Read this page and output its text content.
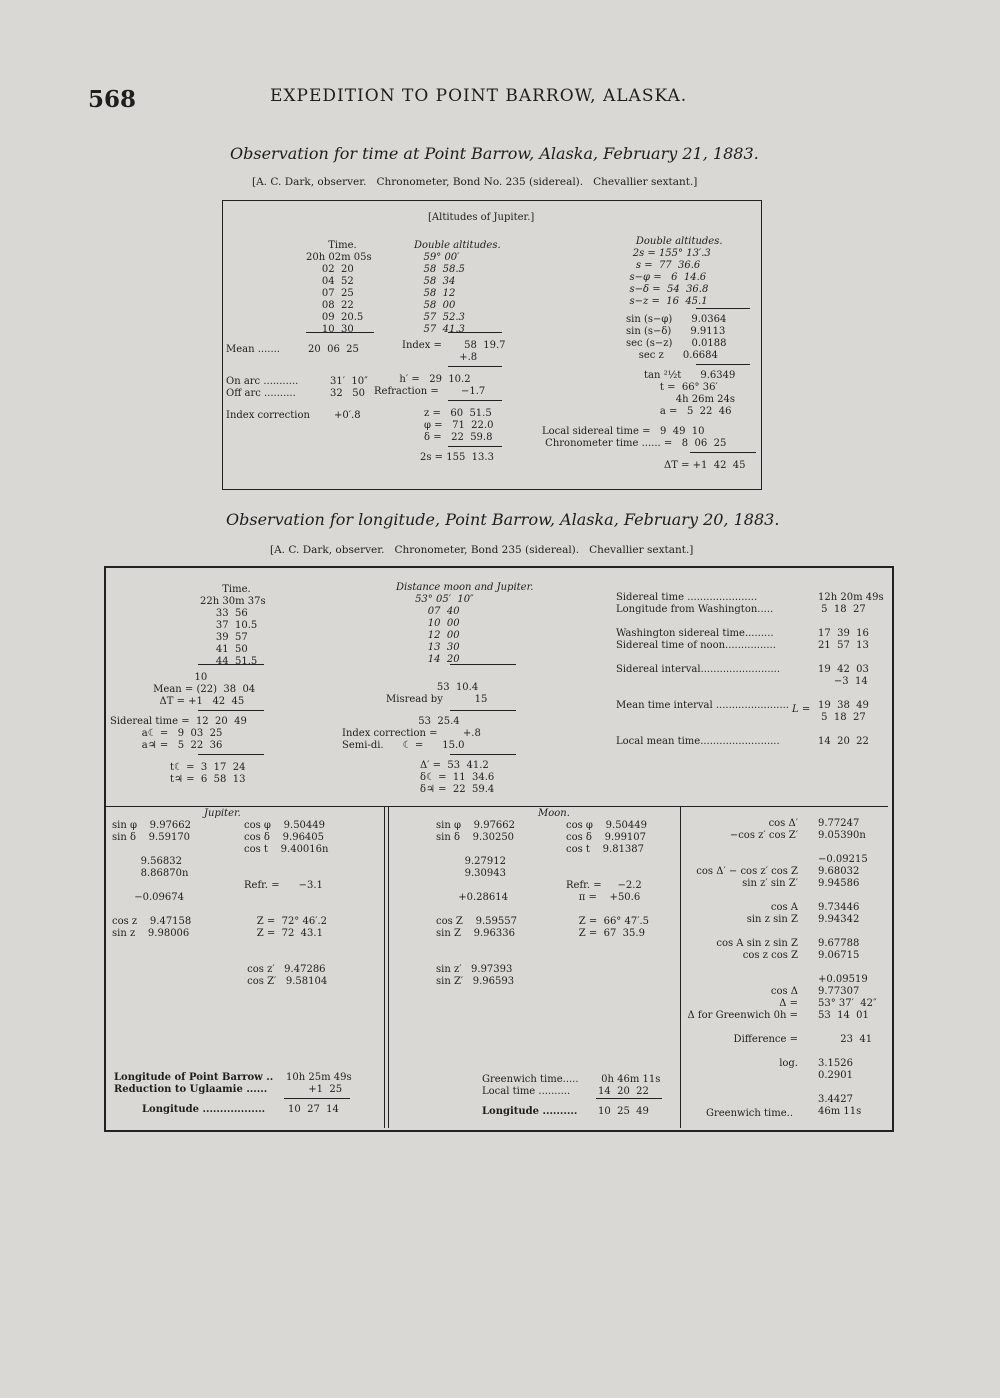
568	EXPEDITION TO POINT BARROW, ALASKA.
Observation for time at Point Barrow, Alaska, February 21, 1883.
[A. C. Dark, observer.   Chronometer, Bond No. 235 (sidereal).   Chevallier sextant.]
[Altitudes of Jupiter.]
Time.
20h 02m 05s
02  20
04  52
07  25
08  22
09  20.5
10  30
Mean .......	20  06  25
On arc ...........
Off arc ..........
31′  10″
32   50
Index correction +0′.8
Double altitudes.
59° 00′
58  58.5
58  34
58  12
58  00
57  52.3
57  41.3
Index =       58  19.7
+.8
h′ =   29  10.2
Refraction =       −1.7
z =   60  51.5
φ =   71  22.0
δ =   22  59.8
2s = 155  13.3
Double altitudes.
2s = 155° 13′.3
s =  77  36.6
s−φ =   6  14.6
s−δ =  54  36.8
s−z =  16  45.1
sin (s−φ)      9.0364
sin (s−δ)      9.9113
sec (s−z)      0.0188
sec z      0.6684
tan ²½t      9.6349
t =  66° 36′
4h 26m 24s
a =   5  22  46
Local sidereal time =   9  49  10
Chronometer time ...... =   8  06  25
ΔT = +1  42  45
Observation for longitude, Point Barrow, Alaska, February 20, 1883.
[A. C. Dark, observer.   Chronometer, Bond 235 (sidereal).   Chevallier sextant.]
Time.
22h 30m 37s
33  56
37  10.5
39  57
41  50
44  51.5
10
Mean = (22)  38  04
ΔT = +1   42  45
Sidereal time =  12  20  49
a☾ =   9  03  25
a♃ =   5  22  36
t☾ =  3  17  24
t♃ =  6  58  13
Distance moon and Jupiter.
53° 05′  10″
07  40
10  00
12  00
13  30
14  20
53  10.4
Misread by          15
53  25.4
Index correction =        +.8
Semi-di.      ☾ =      15.0
Δ′ =  53  41.2
δ☾ =  11  34.6
δ♃ =  22  59.4
Sidereal time ......................
Longitude from Washington.....

Washington sidereal time.........
Sidereal time of noon................

Sidereal interval.........................

Mean time interval .......................

Local mean time.........................
12h 20m 49s
5  18  27

17  39  16
21  57  13

19  42  03
−3  14

19  38  49
5  18  27

14  20  22
L =
Jupiter.
sin φ    9.97662
sin δ    9.59170

9.56832
8.86870n

−0.09674

cos z    9.47158
sin z    9.98006
cos φ    9.50449
cos δ    9.96405
cos t    9.40016n

Refr. =      −3.1

Z =  72° 46′.2
Z =  72  43.1

cos z′   9.47286
cos Z′   9.58104
Moon.
sin φ    9.97662
sin δ    9.30250

9.27912
9.30943

+0.28614

cos Z    9.59557
sin Z    9.96336

sin z′   9.97393
sin Z′   9.96593
cos φ    9.50449
cos δ    9.99107
cos t    9.81387

Refr. =     −2.2
π =    +50.6

Z =  66° 47′.5
Z =  67  35.9
cos Δ′
−cos z′ cos Z′

cos Δ′ − cos z′ cos Z
sin z′ sin Z′

cos A
sin z sin Z

cos A sin z sin Z
cos z cos Z

cos Δ
Δ =
Δ for Greenwich 0h =

Difference =

log.
9.77247
9.05390n

−0.09215
9.68032
9.94586

9.73446
9.94342

9.67788
9.06715

+0.09519
9.77307
53° 37′  42″
53  14  01

23  41

3.1526
0.2901

3.4427
46m 11s
Greenwich time..
Longitude of Point Barrow ..
Reduction to Uglaamie ......
10h 25m 49s
+1  25
Longitude .................. 10  27  14
Greenwich time.....
Local time ..........
0h 46m 11s
14  20  22
Longitude .......... 10  25  49
